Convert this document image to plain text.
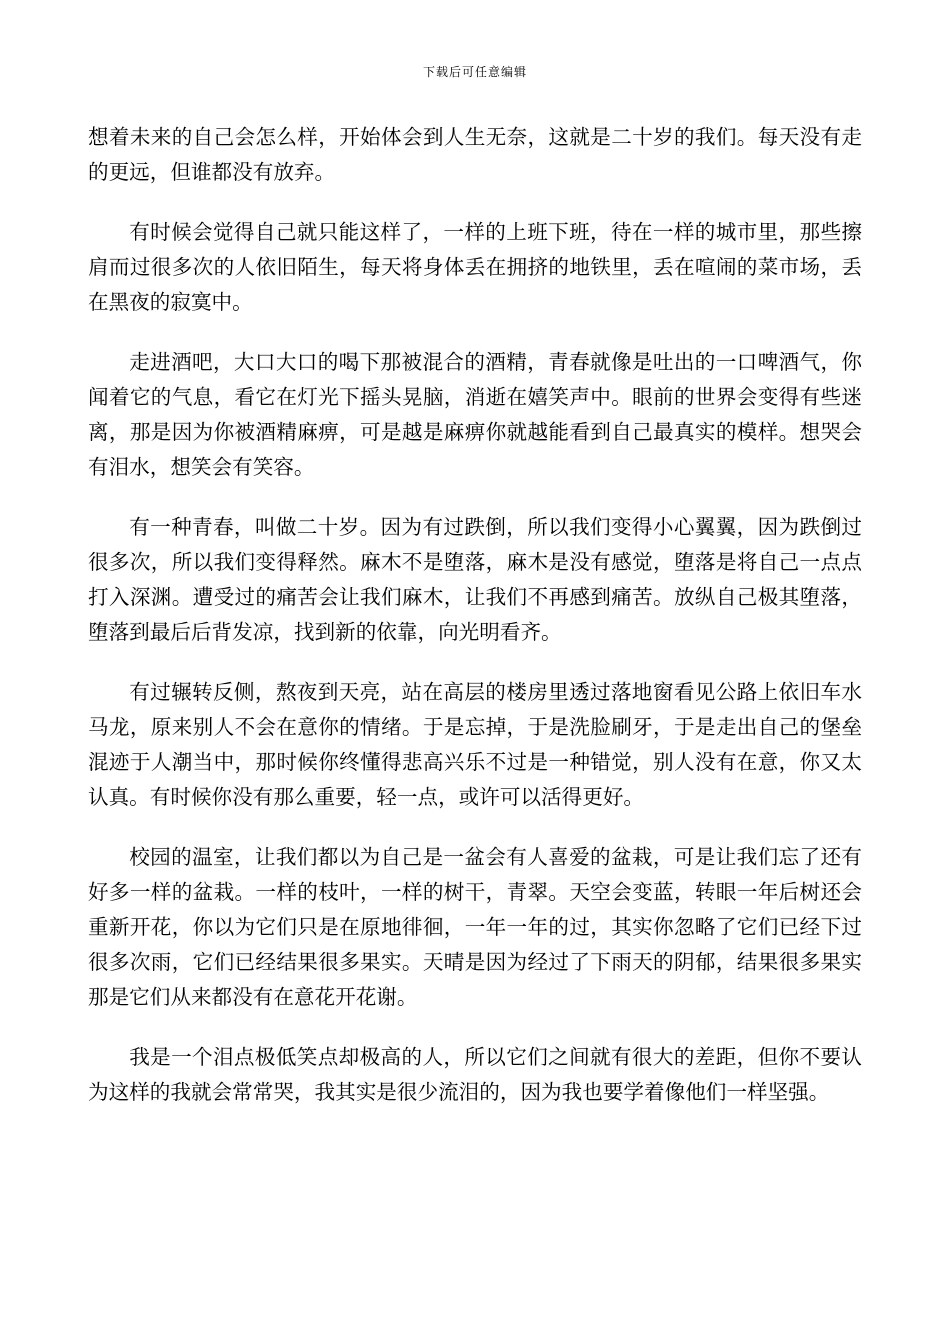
下载后可任意编辑

想着未来的自己会怎么样，开始体会到人生无奈，这就是二十岁的我们。每天没有走的更远，但谁都没有放弃。

有时候会觉得自己就只能这样了，一样的上班下班，待在一样的城市里，那些擦肩而过很多次的人依旧陌生，每天将身体丢在拥挤的地铁里，丢在喧闹的菜市场，丢在黑夜的寂寞中。

走进酒吧，大口大口的喝下那被混合的酒精，青春就像是吐出的一口啤酒气，你闻着它的气息，看它在灯光下摇头晃脑，消逝在嬉笑声中。眼前的世界会变得有些迷离，那是因为你被酒精麻痹，可是越是麻痹你就越能看到自己最真实的模样。想哭会有泪水，想笑会有笑容。

有一种青春，叫做二十岁。因为有过跌倒，所以我们变得小心翼翼，因为跌倒过很多次，所以我们变得释然。麻木不是堕落，麻木是没有感觉，堕落是将自己一点点打入深渊。遭受过的痛苦会让我们麻木，让我们不再感到痛苦。放纵自己极其堕落，堕落到最后后背发凉，找到新的依靠，向光明看齐。

有过辗转反侧，熬夜到天亮，站在高层的楼房里透过落地窗看见公路上依旧车水马龙，原来别人不会在意你的情绪。于是忘掉，于是洗脸刷牙，于是走出自己的堡垒混迹于人潮当中，那时候你终懂得悲高兴乐不过是一种错觉，别人没有在意，你又太认真。有时候你没有那么重要，轻一点，或许可以活得更好。

校园的温室，让我们都以为自己是一盆会有人喜爱的盆栽，可是让我们忘了还有好多一样的盆栽。一样的枝叶，一样的树干，青翠。天空会变蓝，转眼一年后树还会重新开花，你以为它们只是在原地徘徊，一年一年的过，其实你忽略了它们已经下过很多次雨，它们已经结果很多果实。天晴是因为经过了下雨天的阴郁，结果很多果实那是它们从来都没有在意花开花谢。

我是一个泪点极低笑点却极高的人，所以它们之间就有很大的差距，但你不要认为这样的我就会常常哭，我其实是很少流泪的，因为我也要学着像他们一样坚强。
